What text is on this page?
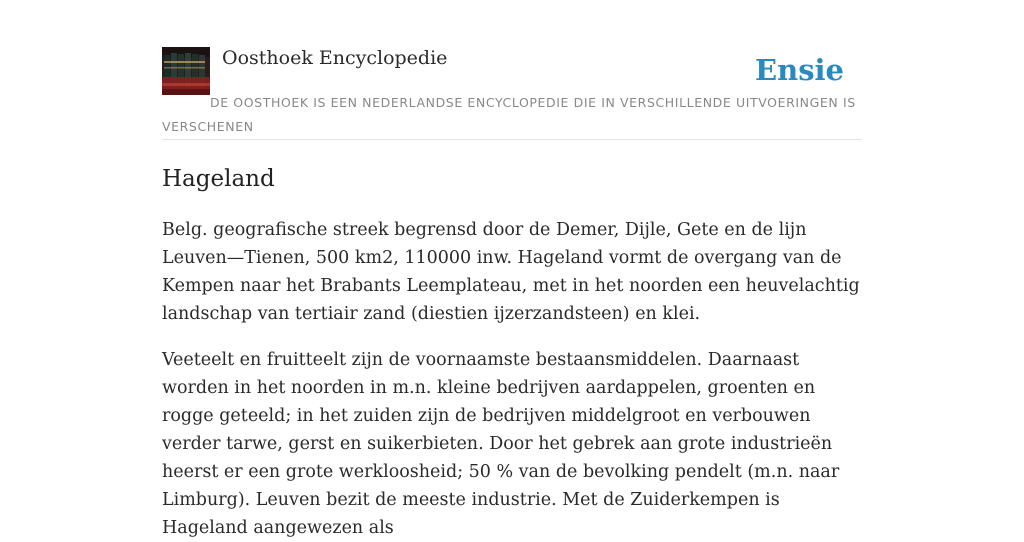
Oosthoek Encyclopedie	Ensie
DE OOSTHOEK IS EEN NEDERLANDSE ENCYCLOPEDIE DIE IN VERSCHILLENDE UITVOERINGEN IS VERSCHENEN
Hageland

Belg. geografische streek begrensd door de Demer, Dijle, Gete en de lijn Leuven—Tienen, 500 km2, 110000 inw. Hageland vormt de overgang van de Kempen naar het Brabants Leemplateau, met in het noorden een heuvelachtig landschap van tertiair zand (diestien ijzerzandsteen) en klei.

Veeteelt en fruitteelt zijn de voornaamste bestaansmiddelen. Daarnaast worden in het noorden in m.n. kleine bedrijven aardappelen, groenten en rogge geteeld; in het zuiden zijn de bedrijven middelgroot en verbouwen verder tarwe, gerst en suikerbieten. Door het gebrek aan grote industrieën heerst er een grote werkloosheid; 50 % van de bevolking pendelt (m.n. naar Limburg). Leuven bezit de meeste industrie. Met de Zuiderkempen is Hageland aangewezen als
